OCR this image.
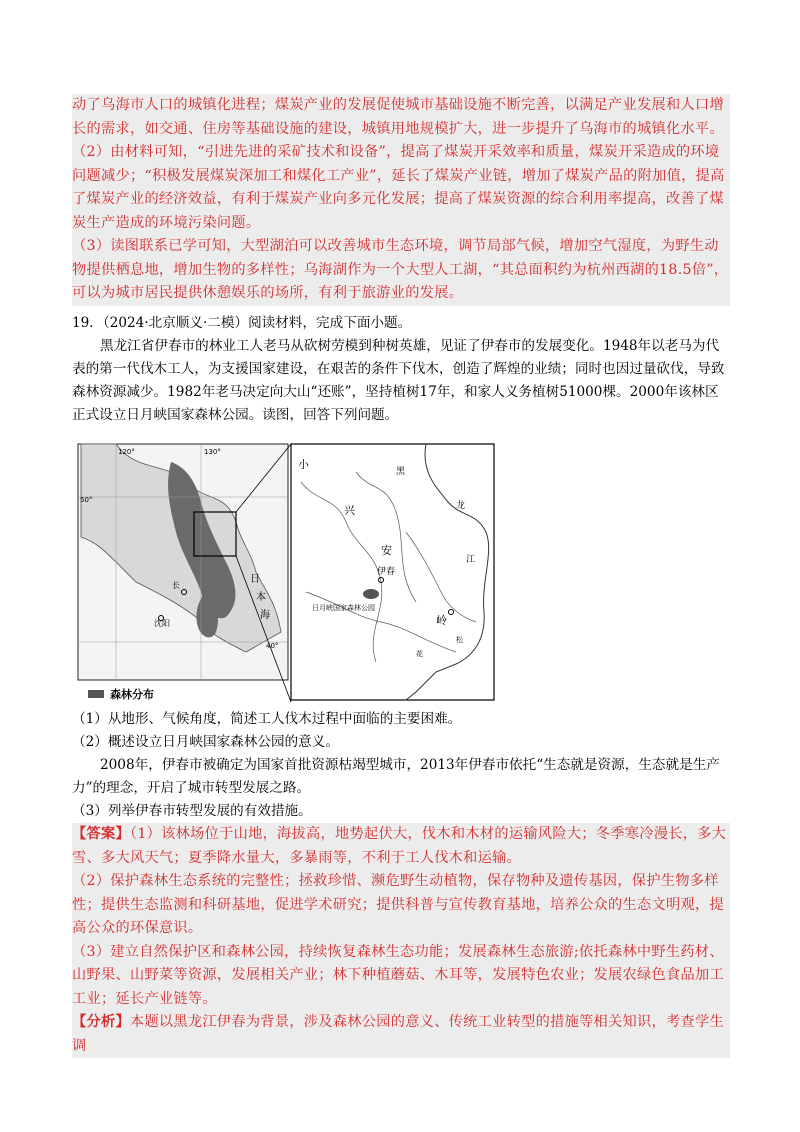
动了乌海市人口的城镇化进程；煤炭产业的发展促使城市基础设施不断完善，以满足产业发展和人口增长的需求，如交通、住房等基础设施的建设，城镇用地规模扩大，进一步提升了乌海市的城镇化水平。

（2）由材料可知，“引进先进的采矿技术和设备”，提高了煤炭开采效率和质量，煤炭开采造成的环境问题减少；“积极发展煤炭深加工和煤化工产业”，延长了煤炭产业链，增加了煤炭产品的附加值，提高了煤炭产业的经济效益，有利于煤炭产业向多元化发展；提高了煤炭资源的综合利用率提高，改善了煤炭生产造成的环境污染问题。

（3）读图联系已学可知，大型湖泊可以改善城市生态环境，调节局部气候，增加空气湿度，为野生动物提供栖息地，增加生物的多样性；乌海湖作为一个大型人工湖，“其总面积约为杭州西湖的18.5倍”，可以为城市居民提供休憩娱乐的场所，有利于旅游业的发展。

19．（2024·北京顺义·二模）阅读材料，完成下面小题。

黑龙江省伊春市的林业工人老马从砍树劳模到种树英雄，见证了伊春市的发展变化。1948年以老马为代表的第一代伐木工人，为支援国家建设，在艰苦的条件下伐木，创造了辉煌的业绩；同时也因过量砍伐，导致森林资源减少。1982年老马决定向大山“还账”，坚持植树17年，和家人义务植树51000棵。2000年该林区正式设立日月峡国家森林公园。读图，回答下列问题。

120°	130°
50°
40°
日
本
海
长
沈阳
小
兴
安
岭
黑
龙
江
伊春
日月峡国家森林公园
松
花
森林分布

（1）从地形、气候角度，简述工人伐木过程中面临的主要困难。

（2）概述设立日月峡国家森林公园的意义。

2008年，伊春市被确定为国家首批资源枯竭型城市，2013年伊春市依托“生态就是资源，生态就是生产力”的理念，开启了城市转型发展之路。

（3）列举伊春市转型发展的有效措施。

【答案】（1）该林场位于山地，海拔高，地势起伏大，伐木和木材的运输风险大；冬季寒冷漫长，多大雪、多大风天气；夏季降水量大，多暴雨等，不利于工人伐木和运输。

（2）保护森林生态系统的完整性；拯救珍惜、濒危野生动植物，保存物种及遗传基因，保护生物多样性；提供生态监测和科研基地，促进学术研究；提供科普与宣传教育基地，培养公众的生态文明观，提高公众的环保意识。

（3）建立自然保护区和森林公园，持续恢复森林生态功能；发展森林生态旅游;依托森林中野生药材、山野果、山野菜等资源，发展相关产业；林下种植蘑菇、木耳等，发展特色农业；发展农绿色食品加工工业；延长产业链等。

【分析】本题以黑龙江伊春为背景，涉及森林公园的意义、传统工业转型的措施等相关知识，考查学生调
